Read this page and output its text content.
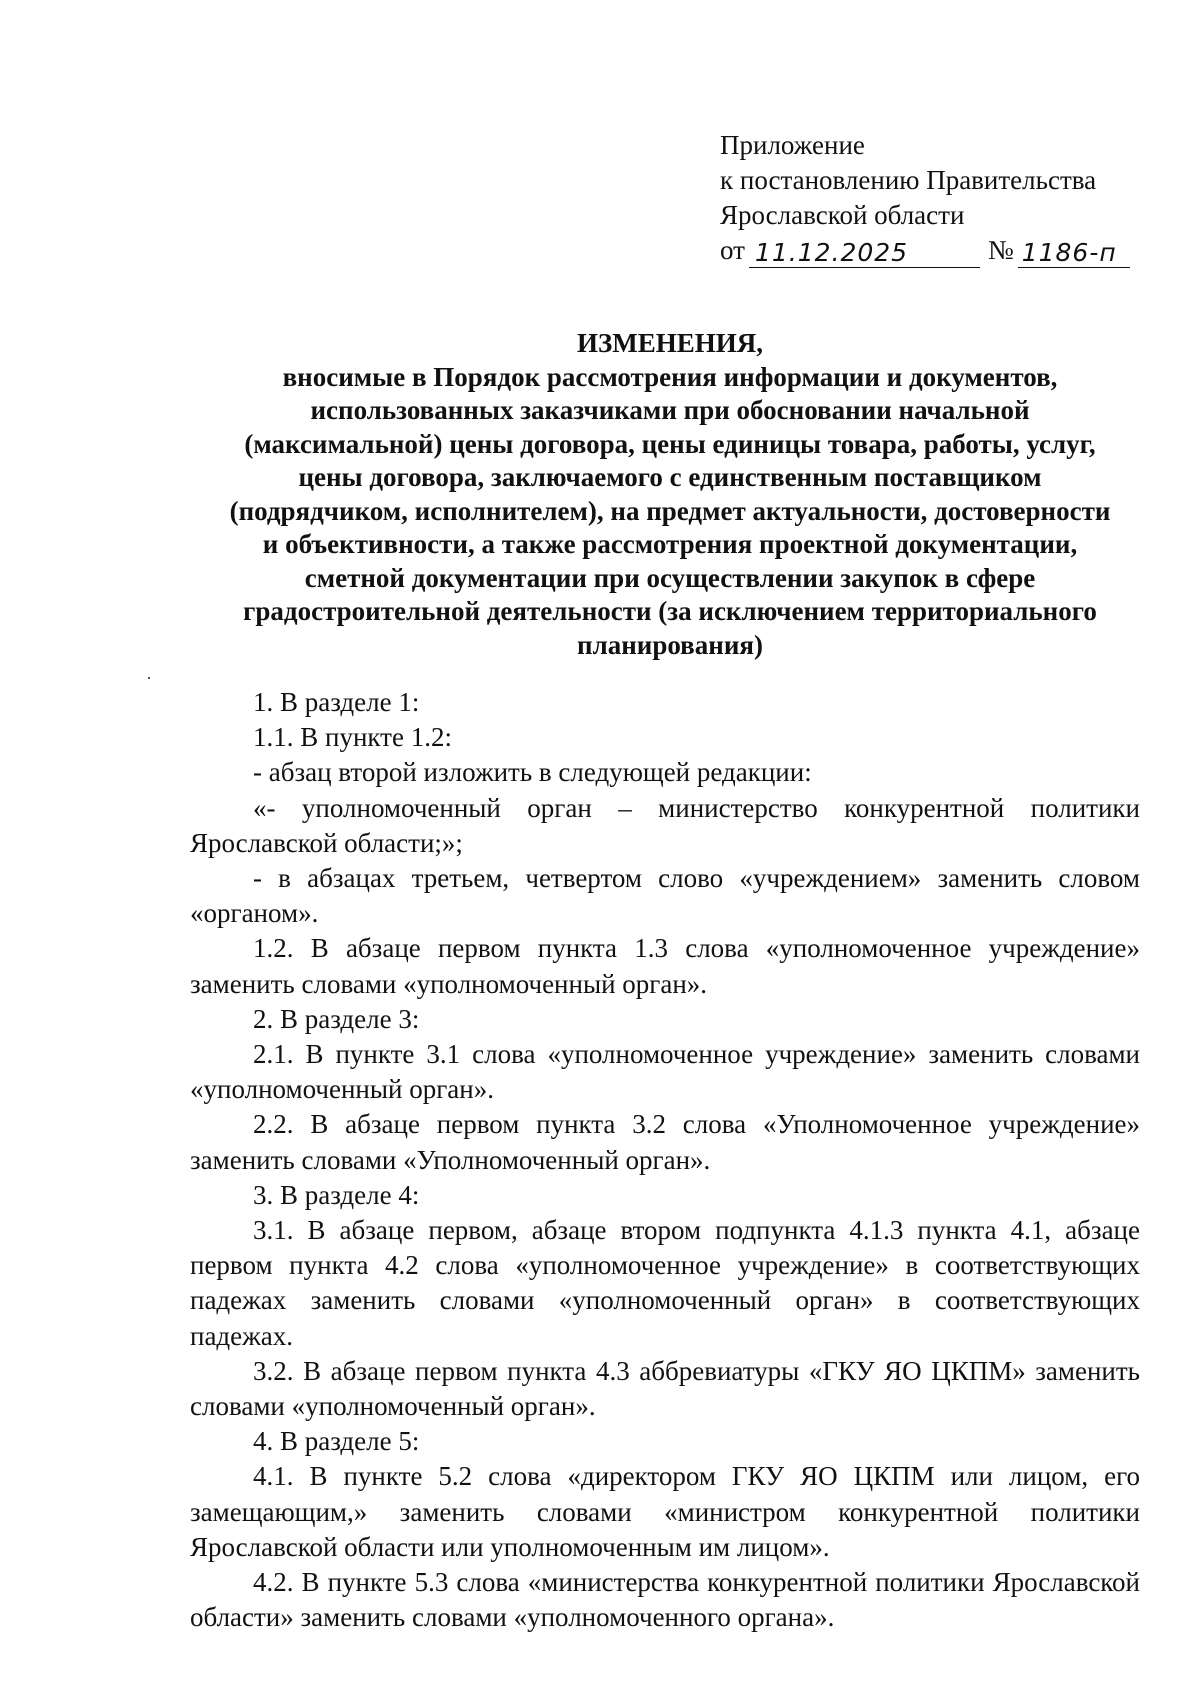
Приложение
к постановлению Правительства
Ярославской области
от 11.12.2025	№ 1186-п
ИЗМЕНЕНИЯ,
вносимые в Порядок рассмотрения информации и документов,
использованных заказчиками при обосновании начальной
(максимальной) цены договора, цены единицы товара, работы, услуг,
цены договора, заключаемого с единственным поставщиком
(подрядчиком, исполнителем), на предмет актуальности, достоверности
и объективности, а также рассмотрения проектной документации,
сметной документации при осуществлении закупок в сфере
градостроительной деятельности (за исключением территориального
планирования)
1. В разделе 1:
1.1. В пункте 1.2:
- абзац второй изложить в следующей редакции:
«- уполномоченный орган – министерство конкурентной политики Ярославской области;»;
- в абзацах третьем, четвертом слово «учреждением» заменить словом «органом».
1.2. В абзаце первом пункта 1.3 слова «уполномоченное учреждение» заменить словами «уполномоченный орган».
2. В разделе 3:
2.1. В пункте 3.1 слова «уполномоченное учреждение» заменить словами «уполномоченный орган».
2.2. В абзаце первом пункта 3.2 слова «Уполномоченное учреждение» заменить словами «Уполномоченный орган».
3. В разделе 4:
3.1. В абзаце первом, абзаце втором подпункта 4.1.3 пункта 4.1, абзаце первом пункта 4.2 слова «уполномоченное учреждение» в соответствующих падежах заменить словами «уполномоченный орган» в соответствующих падежах.
3.2. В абзаце первом пункта 4.3 аббревиатуры «ГКУ ЯО ЦКПМ» заменить словами «уполномоченный орган».
4. В разделе 5:
4.1. В пункте 5.2 слова «директором ГКУ ЯО ЦКПМ или лицом, его замещающим,» заменить словами «министром конкурентной политики Ярославской области или уполномоченным им лицом».
4.2. В пункте 5.3 слова «министерства конкурентной политики Ярославской области» заменить словами «уполномоченного органа».
